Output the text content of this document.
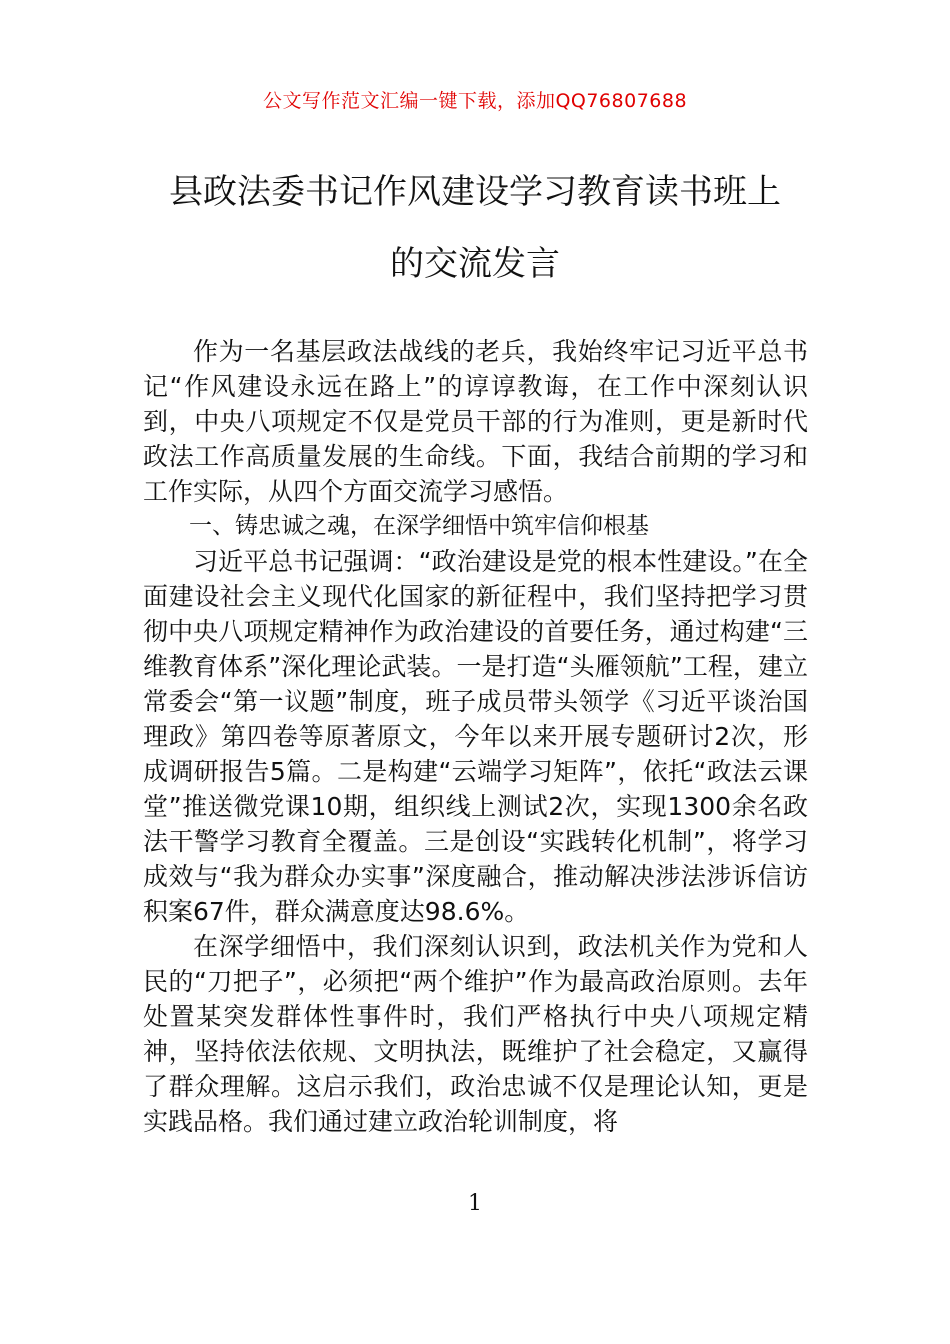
公文写作范文汇编一键下载，添加QQ76807688
县政法委书记作风建设学习教育读书班上
的交流发言

作为一名基层政法战线的老兵，我始终牢记习近平总书记“作风建设永远在路上”的谆谆教诲，在工作中深刻认识到，中央八项规定不仅是党员干部的行为准则，更是新时代政法工作高质量发展的生命线。下面，我结合前期的学习和工作实际，从四个方面交流学习感悟。

一、铸忠诚之魂，在深学细悟中筑牢信仰根基

习近平总书记强调：“政治建设是党的根本性建设。”在全面建设社会主义现代化国家的新征程中，我们坚持把学习贯彻中央八项规定精神作为政治建设的首要任务，通过构建“三维教育体系”深化理论武装。一是打造“头雁领航”工程，建立常委会“第一议题”制度，班子成员带头领学《习近平谈治国理政》第四卷等原著原文，今年以来开展专题研讨2次，形成调研报告5篇。二是构建“云端学习矩阵”，依托“政法云课堂”推送微党课10期，组织线上测试2次，实现1300余名政法干警学习教育全覆盖。三是创设“实践转化机制”，将学习成效与“我为群众办实事”深度融合，推动解决涉法涉诉信访积案67件，群众满意度达98.6%。

在深学细悟中，我们深刻认识到，政法机关作为党和人民的“刀把子”，必须把“两个维护”作为最高政治原则。去年处置某突发群体性事件时，我们严格执行中央八项规定精神，坚持依法依规、文明执法，既维护了社会稳定，又赢得了群众理解。这启示我们，政治忠诚不仅是理论认知，更是实践品格。我们通过建立政治轮训制度，将

1
